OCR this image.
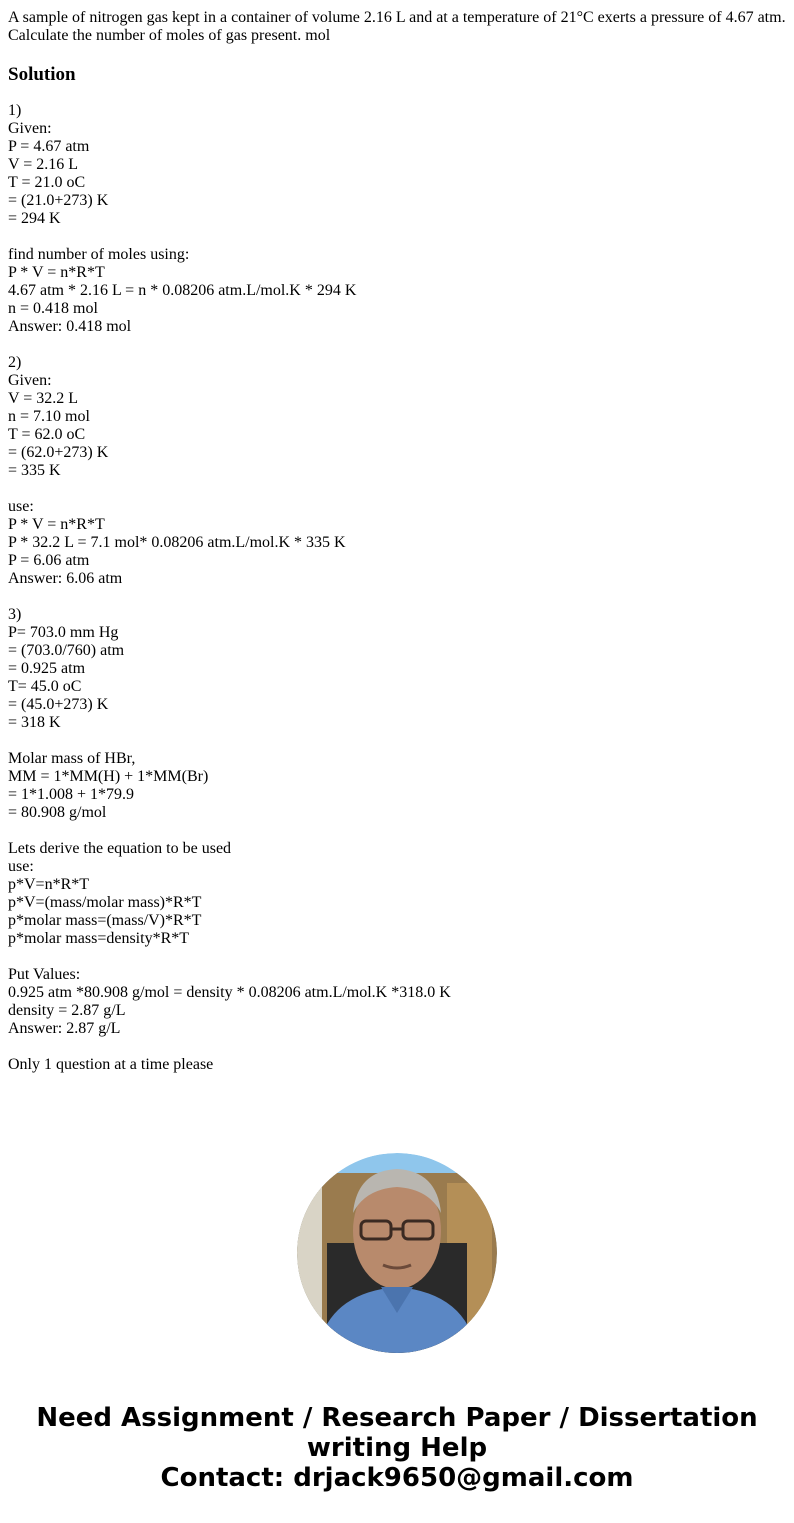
A sample of nitrogen gas kept in a container of volume 2.16 L and at a temperature of 21°C exerts a pressure of 4.67 atm.

Calculate the number of moles of gas present. mol

Solution
1)
Given:
P = 4.67 atm
V = 2.16 L
T = 21.0 oC
= (21.0+273) K
= 294 K
find number of moles using:
P * V = n*R*T
4.67 atm * 2.16 L = n * 0.08206 atm.L/mol.K * 294 K
n = 0.418 mol
Answer: 0.418 mol
2)
Given:
V = 32.2 L
n = 7.10 mol
T = 62.0 oC
= (62.0+273) K
= 335 K
use:
P * V = n*R*T
P * 32.2 L = 7.1 mol* 0.08206 atm.L/mol.K * 335 K
P = 6.06 atm
Answer: 6.06 atm
3)
P= 703.0 mm Hg
= (703.0/760) atm
= 0.925 atm
T= 45.0 oC
= (45.0+273) K
= 318 K
Molar mass of HBr,
MM = 1*MM(H) + 1*MM(Br)
= 1*1.008 + 1*79.9
= 80.908 g/mol
Lets derive the equation to be used
use:
p*V=n*R*T
p*V=(mass/molar mass)*R*T
p*molar mass=(mass/V)*R*T
p*molar mass=density*R*T
Put Values:
0.925 atm *80.908 g/mol = density * 0.08206 atm.L/mol.K *318.0 K
density = 2.87 g/L
Answer: 2.87 g/L
Only 1 question at a time please
Need Assignment / Research Paper / Dissertation
writing Help
Contact: drjack9650@gmail.com
